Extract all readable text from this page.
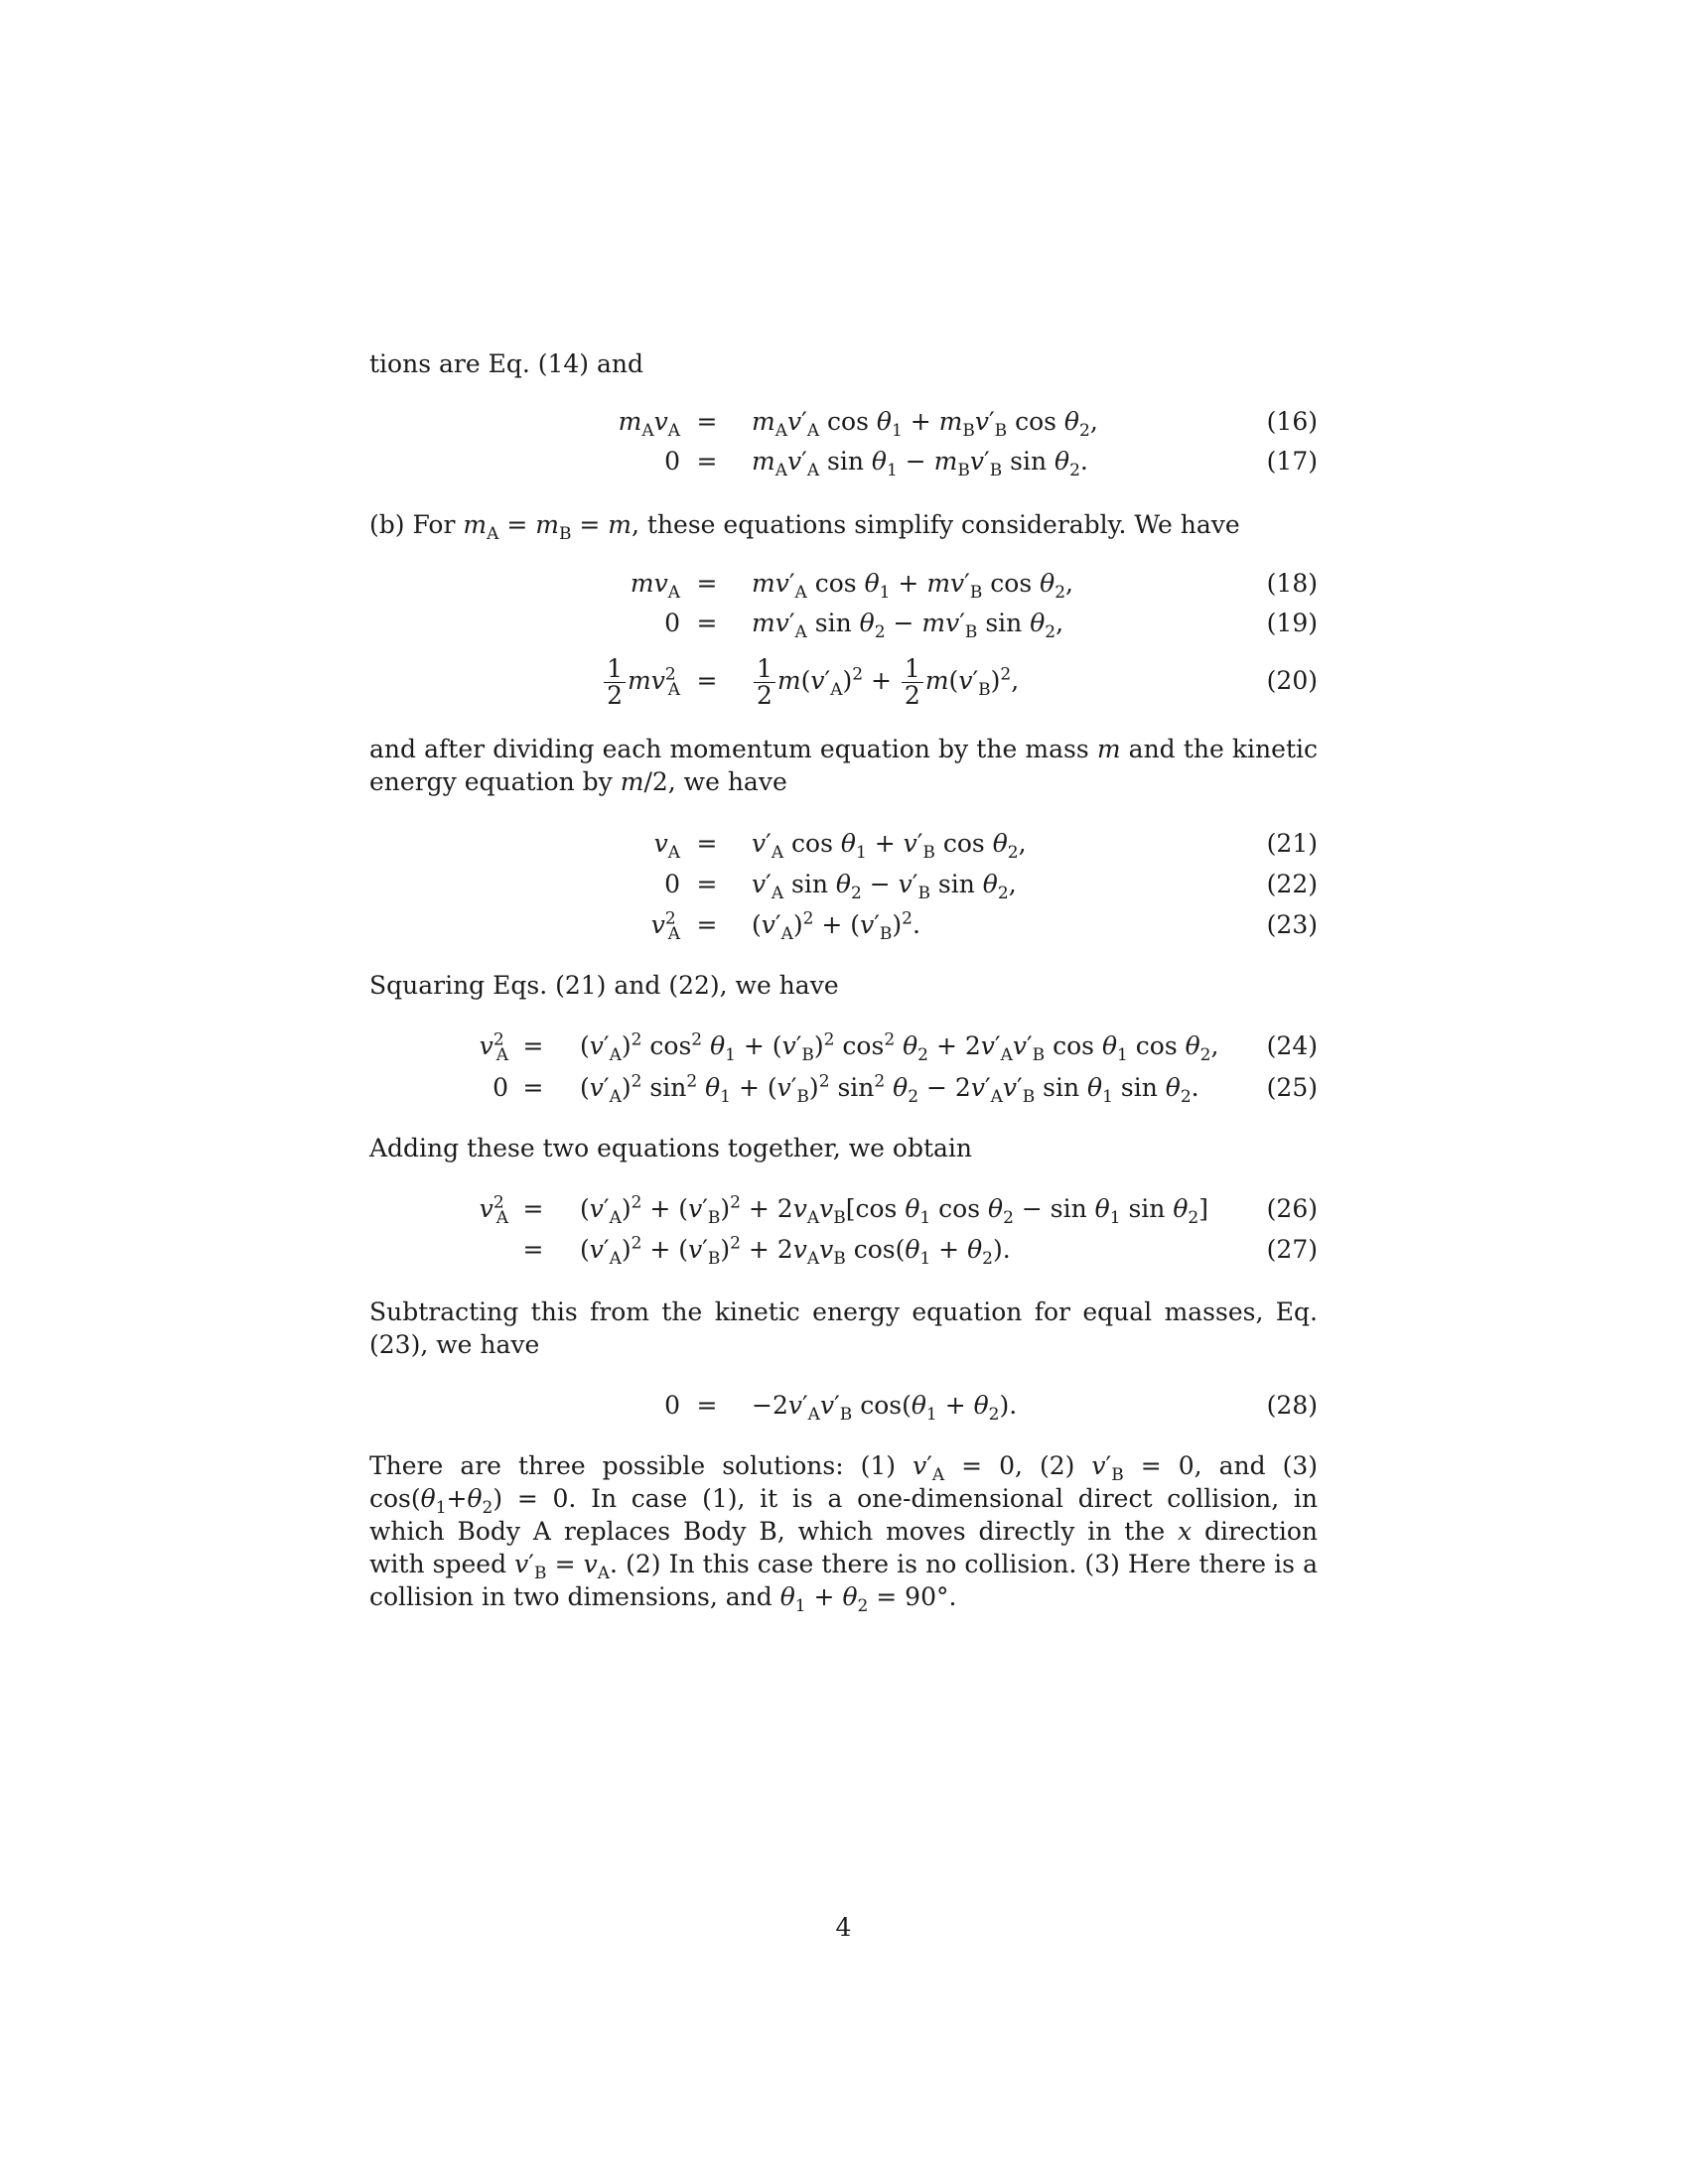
tions are Eq. (14) and

$m_Av_A$ =	$m_Av'_A$ $\cos \theta_1 + m_Bv'_B$ $\cos \theta_2$,	(16)
0 =	$m_Av'_A$ $\sin \theta_1 - m_Bv'_B$ $\sin \theta_2$.	(17)

(b) For $m_A = m_B = m$, these equations simplify considerably. We have

$mv_A$ =	$mv'_A$ $\cos \theta_1 + mv'_B$ $\cos \theta_2$,	(18)
0 =	$mv'_A$ $\sin \theta_2 - mv'_B$ $\sin \theta_2$,	(19)
$\frac{1}{2} mv^2_A$ =	$\frac{1}{2} m(v'_A)^2 + \frac{1}{2} m(v'_B)^2$,	(20)

and after dividing each momentum equation by the mass m and the kinetic energy equation by m/2, we have

$v_A$ =	$v'_A$ $\cos \theta_1 + v'_B$ $\cos \theta_2$,	(21)
0 =	$v'_A$ $\sin \theta_2 - v'_B$ $\sin \theta_2$,	(22)
$v^2_A$ =	$(v'_A)^2 + (v'_B)^2$.	(23)

Squaring Eqs. (21) and (22), we have

$v^2_A$ =	$(v'_A)^2$ $\cos^2 \theta_1 + (v'_B)^2$ $\cos^2 \theta_2 + 2v'_Av'_B$ $\cos \theta_1$ $\cos \theta_2$, (24)
0 =	$(v'_A)^2$ $\sin^2 \theta_1 + (v'_B)^2$ $\sin^2 \theta_2 - 2v'_Av'_B$ $\sin \theta_1$ $\sin \theta_2$.	(25)

Adding these two equations together, we obtain

$v^2_A$ =	$(v'_A)^2 + (v'_B)^2 + 2v_Av_B[\cos$ $\theta_1$ $\cos \theta_2 - \sin \theta_1$ $\sin \theta_2$] (26)
=	$(v'_A)^2 + (v'_B)^2 + 2v_Av_B$ $\cos(\theta_1 + \theta_2)$.	(27)

Subtracting this from the kinetic energy equation for equal masses, Eq. (23), we have

0 =	$-2v'_Av'_B$ $\cos(\theta_1 + \theta_2)$.	(28)

There are three possible solutions: (1) $v'_A = 0$, (2) $v'_B = 0$, and (3) $\cos(\theta_1+\theta_2) = 0$. In case (1), it is a one-dimensional direct collision, in which Body A replaces Body B, which moves directly in the x direction with speed $v'_B = v_A$. (2) In this case there is no collision. (3) Here there is a collision in two dimensions, and $\theta_1 + \theta_2 = 90^\circ$.

4
